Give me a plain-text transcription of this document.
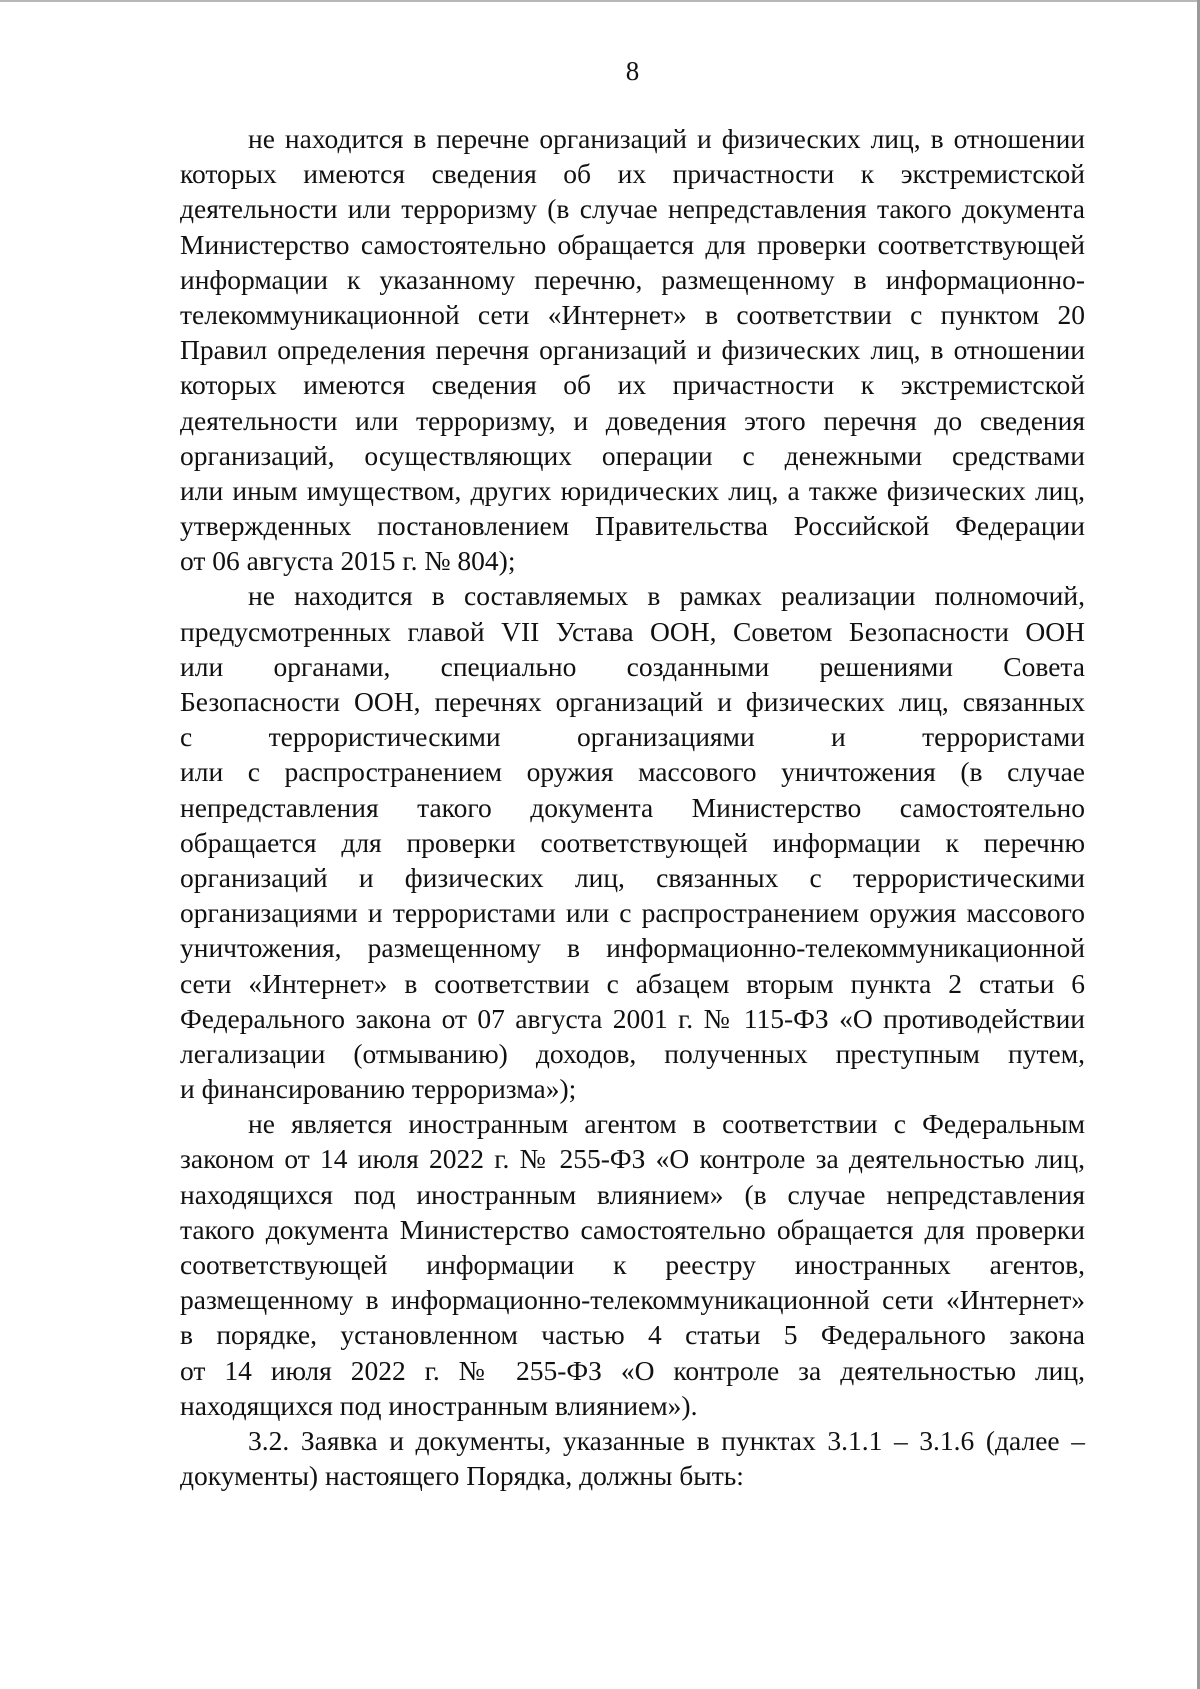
8

не находится в перечне организаций и физических лиц, в отношении
которых имеются сведения об их причастности к экстремистской
деятельности или терроризму (в случае непредставления такого документа
Министерство самостоятельно обращается для проверки соответствующей
информации к указанному перечню, размещенному в информационно-
телекоммуникационной сети «Интернет» в соответствии с пунктом 20
Правил определения перечня организаций и физических лиц, в отношении
которых имеются сведения об их причастности к экстремистской
деятельности или терроризму, и доведения этого перечня до сведения
организаций, осуществляющих операции с денежными средствами
или иным имуществом, других юридических лиц, а также физических лиц,
утвержденных постановлением Правительства Российской Федерации
от 06 августа 2015 г. № 804);

не находится в составляемых в рамках реализации полномочий,
предусмотренных главой VII Устава ООН, Советом Безопасности ООН
или органами, специально созданными решениями Совета
Безопасности ООН, перечнях организаций и физических лиц, связанных
с террористическими организациями и террористами
или с распространением оружия массового уничтожения (в случае
непредставления такого документа Министерство самостоятельно
обращается для проверки соответствующей информации к перечню
организаций и физических лиц, связанных с террористическими
организациями и террористами или с распространением оружия массового
уничтожения, размещенному в информационно-телекоммуникационной
сети «Интернет» в соответствии с абзацем вторым пункта 2 статьи 6
Федерального закона от 07 августа 2001 г. № 115-ФЗ «О противодействии
легализации (отмыванию) доходов, полученных преступным путем,
и финансированию терроризма»);

не является иностранным агентом в соответствии с Федеральным
законом от 14 июля 2022 г. № 255-ФЗ «О контроле за деятельностью лиц,
находящихся под иностранным влиянием» (в случае непредставления
такого документа Министерство самостоятельно обращается для проверки
соответствующей информации к реестру иностранных агентов,
размещенному в информационно-телекоммуникационной сети «Интернет»
в порядке, установленном частью 4 статьи 5 Федерального закона
от 14 июля 2022 г. № 255-ФЗ «О контроле за деятельностью лиц,
находящихся под иностранным влиянием»).

3.2. Заявка и документы, указанные в пунктах 3.1.1 – 3.1.6 (далее –
документы) настоящего Порядка, должны быть:
